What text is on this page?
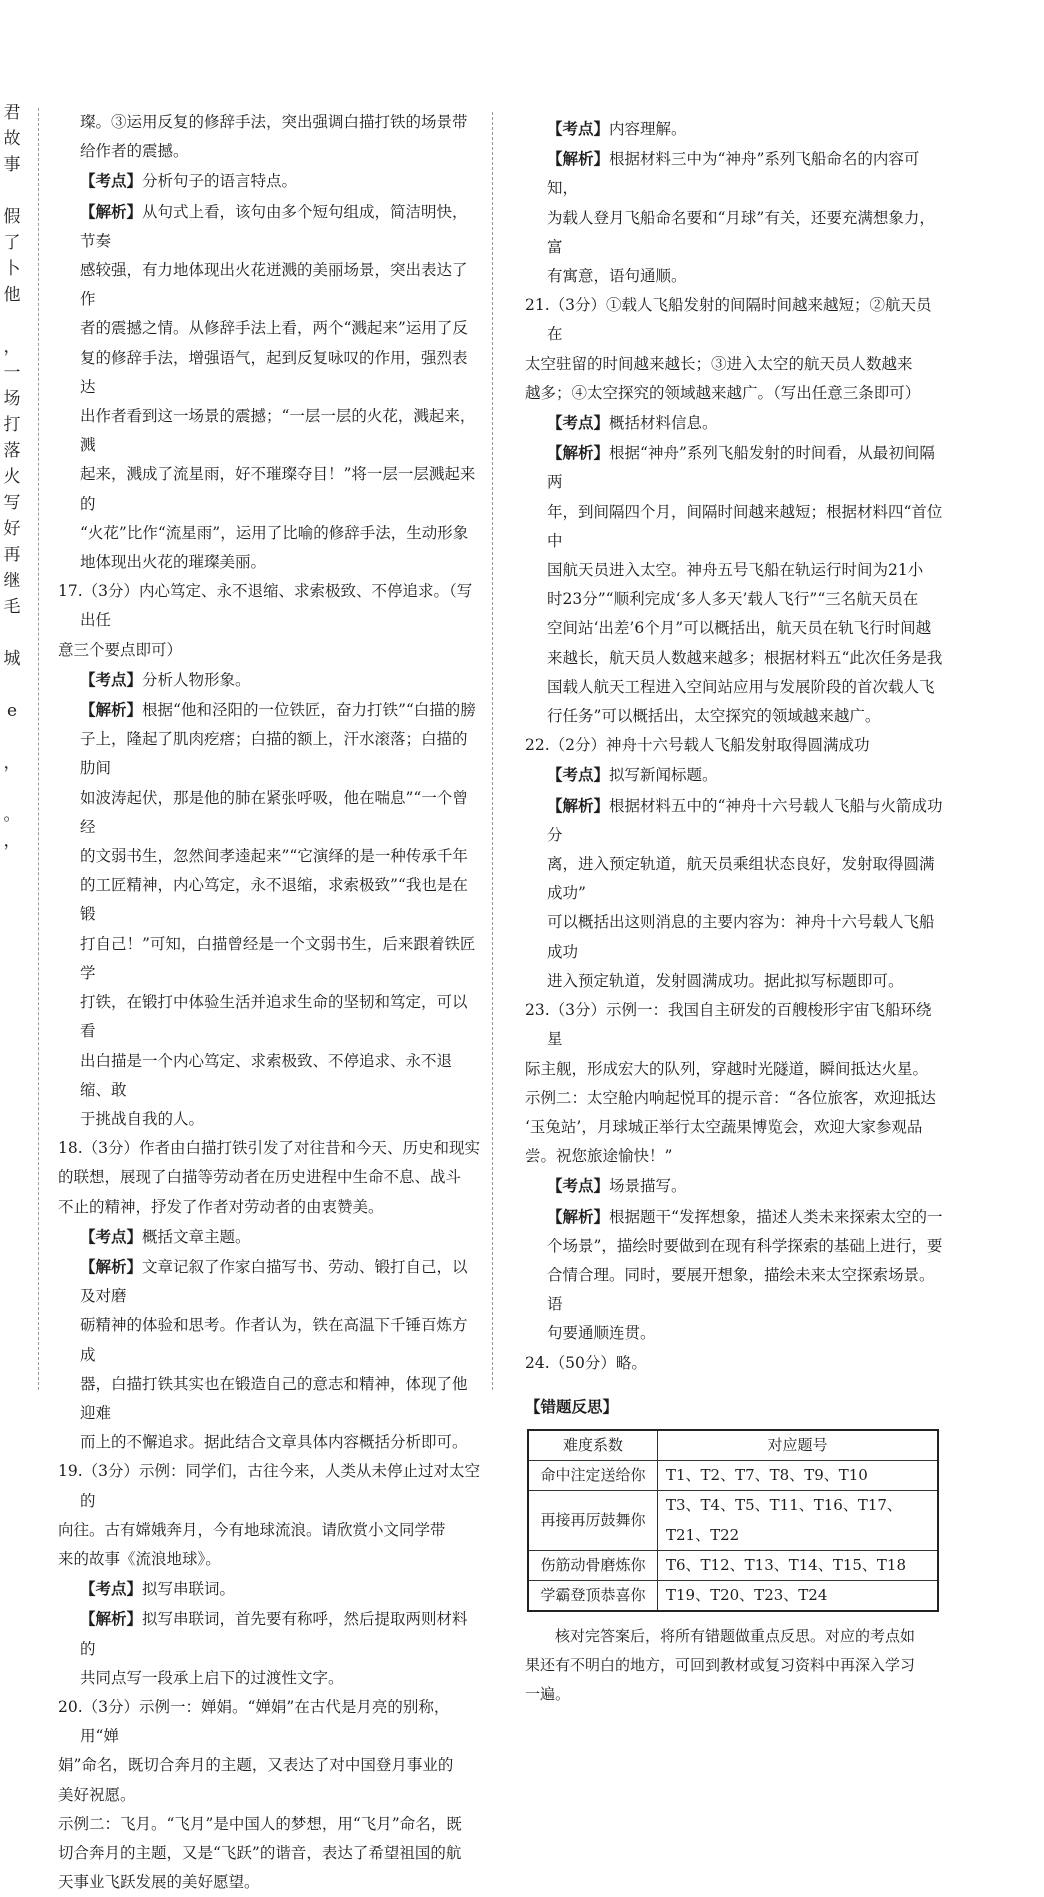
君
故
事

假
了
卜
他

，
一
场
打
落
火
写
好
再
继
毛

城

e

，

。
，

璨。③运用反复的修辞手法，突出强调白描打铁的场景带

给作者的震撼。

【考点】分析句子的语言特点。

【解析】从句式上看，该句由多个短句组成，简洁明快，节奏

感较强，有力地体现出火花迸溅的美丽场景，突出表达了作

者的震撼之情。从修辞手法上看，两个“溅起来”运用了反

复的修辞手法，增强语气，起到反复咏叹的作用，强烈表达

出作者看到这一场景的震撼；“一层一层的火花，溅起来，溅

起来，溅成了流星雨，好不璀璨夺目！”将一层一层溅起来的

“火花”比作“流星雨”，运用了比喻的修辞手法，生动形象

地体现出火花的璀璨美丽。

17.（3分）内心笃定、永不退缩、求索极致、不停追求。（写出任

意三个要点即可）

【考点】分析人物形象。

【解析】根据“他和泾阳的一位铁匠，奋力打铁”“白描的膀

子上，隆起了肌肉疙瘩；白描的额上，汗水滚落；白描的肋间

如波涛起伏，那是他的肺在紧张呼吸，他在喘息”“一个曾经

的文弱书生，忽然间孝逵起来”“它演绎的是一种传承千年

的工匠精神，内心笃定，永不退缩，求索极致”“我也是在锻

打自己！”可知，白描曾经是一个文弱书生，后来跟着铁匠学

打铁，在锻打中体验生活并追求生命的坚韧和笃定，可以看

出白描是一个内心笃定、求索极致、不停追求、永不退缩、敢

于挑战自我的人。

18.（3分）作者由白描打铁引发了对往昔和今天、历史和现实

的联想，展现了白描等劳动者在历史进程中生命不息、战斗

不止的精神，抒发了作者对劳动者的由衷赞美。

【考点】概括文章主题。

【解析】文章记叙了作家白描写书、劳动、锻打自己，以及对磨

砺精神的体验和思考。作者认为，铁在高温下千锤百炼方成

器，白描打铁其实也在锻造自己的意志和精神，体现了他迎难

而上的不懈追求。据此结合文章具体内容概括分析即可。

19.（3分）示例：同学们，古往今来，人类从未停止过对太空的

向往。古有嫦娥奔月，今有地球流浪。请欣赏小文同学带

来的故事《流浪地球》。

【考点】拟写串联词。

【解析】拟写串联词，首先要有称呼，然后提取两则材料的

共同点写一段承上启下的过渡性文字。

20.（3分）示例一：婵娟。“婵娟”在古代是月亮的别称，用“婵

娟”命名，既切合奔月的主题，又表达了对中国登月事业的

美好祝愿。

示例二：飞月。“飞月”是中国人的梦想，用“飞月”命名，既

切合奔月的主题，又是“飞跃”的谐音，表达了希望祖国的航

天事业飞跃发展的美好愿望。

【考点】内容理解。

【解析】根据材料三中为“神舟”系列飞船命名的内容可知，

为载人登月飞船命名要和“月球”有关，还要充满想象力，富

有寓意，语句通顺。

21.（3分）①载人飞船发射的间隔时间越来越短；②航天员在

太空驻留的时间越来越长；③进入太空的航天员人数越来

越多；④太空探究的领域越来越广。（写出任意三条即可）

【考点】概括材料信息。

【解析】根据“神舟”系列飞船发射的时间看，从最初间隔两

年，到间隔四个月，间隔时间越来越短；根据材料四“首位中

国航天员进入太空。神舟五号飞船在轨运行时间为21小

时23分”“顺利完成‘多人多天’载人飞行”“三名航天员在

空间站‘出差’6个月”可以概括出，航天员在轨飞行时间越

来越长，航天员人数越来越多；根据材料五“此次任务是我

国载人航天工程进入空间站应用与发展阶段的首次载人飞

行任务”可以概括出，太空探究的领域越来越广。

22.（2分）神舟十六号载人飞船发射取得圆满成功

【考点】拟写新闻标题。

【解析】根据材料五中的“神舟十六号载人飞船与火箭成功分

离，进入预定轨道，航天员乘组状态良好，发射取得圆满成功”

可以概括出这则消息的主要内容为：神舟十六号载人飞船成功

进入预定轨道，发射圆满成功。据此拟写标题即可。

23.（3分）示例一：我国自主研发的百艘梭形宇宙飞船环绕星

际主舰，形成宏大的队列，穿越时光隧道，瞬间抵达火星。

示例二：太空舱内响起悦耳的提示音：“各位旅客，欢迎抵达

‘玉兔站’，月球城正举行太空蔬果博览会，欢迎大家参观品

尝。祝您旅途愉快！”

【考点】场景描写。

【解析】根据题干“发挥想象，描述人类未来探索太空的一

个场景”，描绘时要做到在现有科学探索的基础上进行，要

合情合理。同时，要展开想象，描绘未来太空探索场景。语

句要通顺连贯。

24.（50分）略。

【错题反思】
难度系数	对应题号
命中注定送给你	T1、T2、T7、T8、T9、T10
再接再厉鼓舞你	T3、T4、T5、T11、T16、T17、T21、T22
伤筋动骨磨炼你	T6、T12、T13、T14、T15、T18
学霸登顶恭喜你	T19、T20、T23、T24

核对完答案后，将所有错题做重点反思。对应的考点如

果还有不明白的地方，可回到教材或复习资料中再深入学习

一遍。
